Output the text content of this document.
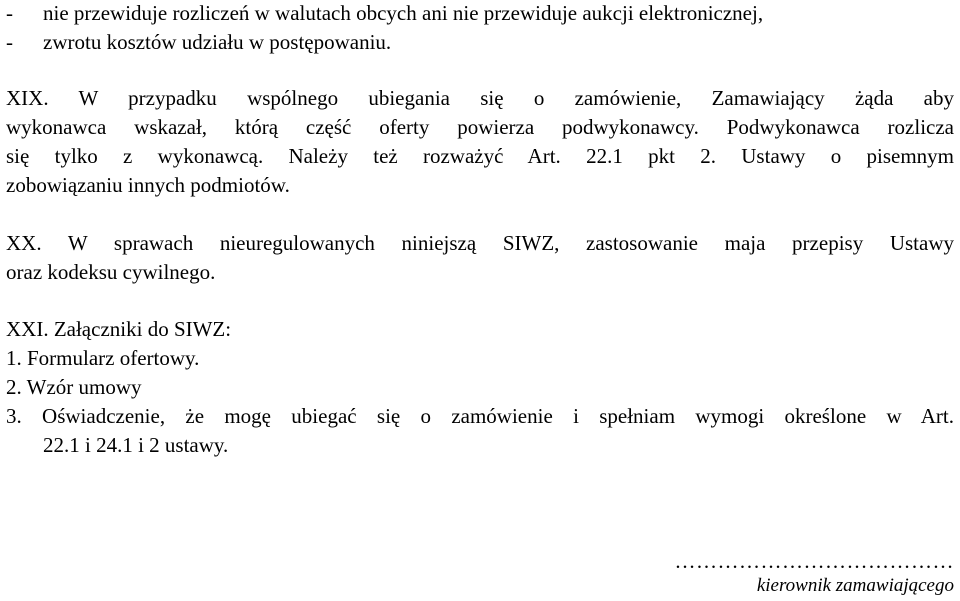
-	nie przewiduje rozliczeń w walutach obcych ani nie przewiduje aukcji elektronicznej,
-	zwrotu kosztów udziału w postępowaniu.
XIX. W przypadku wspólnego ubiegania się o zamówienie, Zamawiający żąda aby
wykonawca wskazał, którą część oferty powierza podwykonawcy. Podwykonawca rozlicza
się tylko z wykonawcą. Należy też rozważyć Art. 22.1 pkt 2. Ustawy o pisemnym
zobowiązaniu innych podmiotów.
XX. W sprawach nieuregulowanych niniejszą SIWZ, zastosowanie maja przepisy Ustawy
oraz kodeksu cywilnego.
XXI. Załączniki do SIWZ:
1. Formularz ofertowy.
2. Wzór umowy
3. Oświadczenie, że mogę ubiegać się o zamówienie i spełniam wymogi określone w Art.
22.1 i 24.1 i 2 ustawy.
…………………………………
kierownik zamawiającego
